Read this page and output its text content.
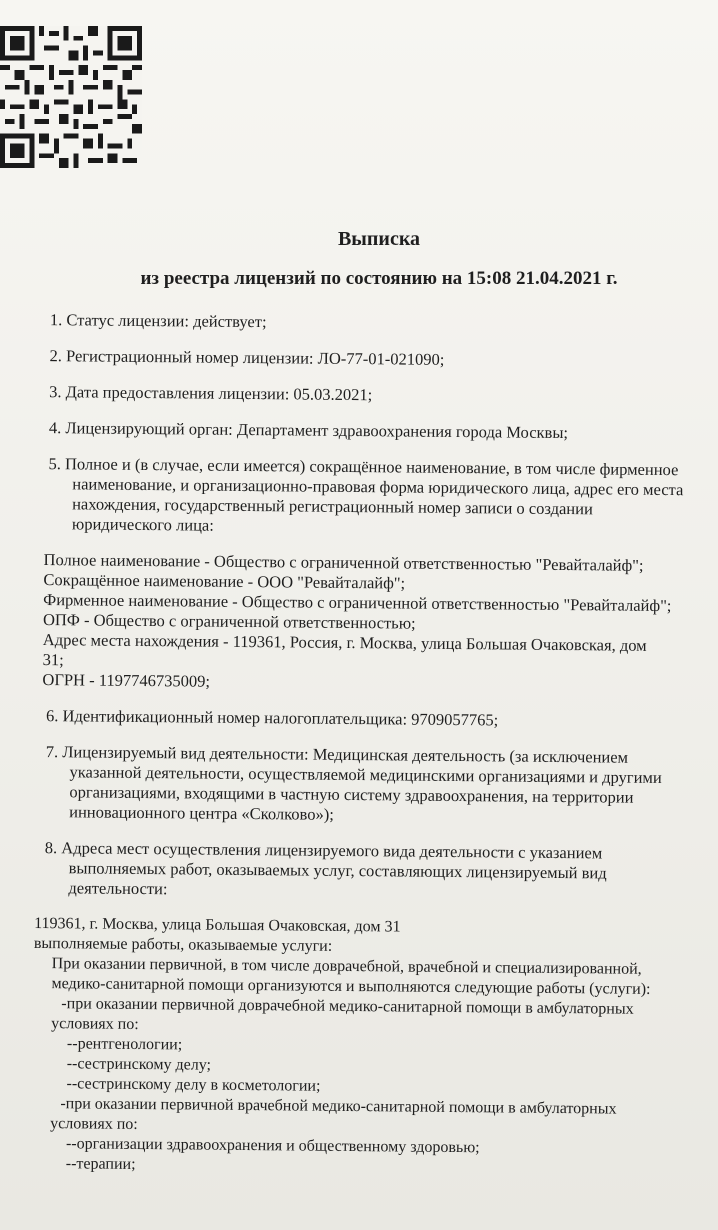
Выписка
из реестра лицензий по состоянию на 15:08 21.04.2021 г.
1. Статус лицензии: действует;
2. Регистрационный номер лицензии: ЛО-77-01-021090;
3. Дата предоставления лицензии: 05.03.2021;
4. Лицензирующий орган: Департамент здравоохранения города Москвы;
5. Полное и (в случае, если имеется) сокращённое наименование, в том числе фирменное
наименование, и организационно-правовая форма юридического лица, адрес его места
нахождения, государственный регистрационный номер записи о создании
юридического лица:
Полное наименование - Общество с ограниченной ответственностью "Ревайталайф";
Сокращённое наименование - ООО "Ревайталайф";
Фирменное наименование - Общество с ограниченной ответственностью "Ревайталайф";
ОПФ - Общество с ограниченной ответственностью;
Адрес места нахождения - 119361, Россия, г. Москва, улица Большая Очаковская, дом
31;
ОГРН - 1197746735009;
6. Идентификационный номер налогоплательщика: 9709057765;
7. Лицензируемый вид деятельности: Медицинская деятельность (за исключением
указанной деятельности, осуществляемой медицинскими организациями и другими
организациями, входящими в частную систему здравоохранения, на территории
инновационного центра «Сколково»);
8. Адреса мест осуществления лицензируемого вида деятельности с указанием
выполняемых работ, оказываемых услуг, составляющих лицензируемый вид
деятельности:
119361, г. Москва, улица Большая Очаковская, дом 31
выполняемые работы, оказываемые услуги:
При оказании первичной, в том числе доврачебной, врачебной и специализированной,
медико-санитарной помощи организуются и выполняются следующие работы (услуги):
-при оказании первичной доврачебной медико-санитарной помощи в амбулаторных
условиях по:
--рентгенологии;
--сестринскому делу;
--сестринскому делу в косметологии;
-при оказании первичной врачебной медико-санитарной помощи в амбулаторных
условиях по:
--организации здравоохранения и общественному здоровью;
--терапии;
